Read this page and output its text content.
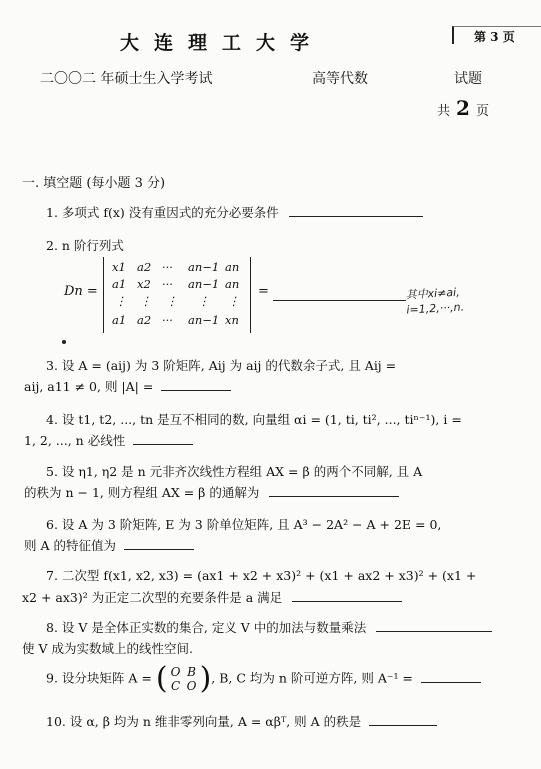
第 3 页
大连理工大学
二〇〇二 年硕士生入学考试	高等代数	试题
共 2 页
一. 填空题 (每小题 3 分)
1. 多项式 f(x) 没有重因式的充分必要条件
2. n 阶行列式
Dn =
x1 a2 ··· an−1 an
a1 x2 ··· an−1 an
⋮ ⋮ ⋮ ⋮ ⋮
a1 a2 ··· an−1 xn
=	其中xi≠ai,
i=1,2,···,n.
3. 设 A = (aij) 为 3 阶矩阵, Aij 为 aij 的代数余子式, 且 Aij =
aij, a11 ≠ 0, 则 |A| =
4. 设 t1, t2, ..., tn 是互不相同的数, 向量组 αi = (1, ti, ti², ..., tiⁿ⁻¹), i =
1, 2, ..., n 必线性
5. 设 η1, η2 是 n 元非齐次线性方程组 AX = β 的两个不同解, 且 A
的秩为 n − 1, 则方程组 AX = β 的通解为
6. 设 A 为 3 阶矩阵, E 为 3 阶单位矩阵, 且 A³ − 2A² − A + 2E = 0,
则 A 的特征值为
7. 二次型 f(x1, x2, x3) = (ax1 + x2 + x3)² + (x1 + ax2 + x3)² + (x1 +
x2 + ax3)² 为正定二次型的充要条件是 a 满足
8. 设 V 是全体正实数的集合, 定义 V 中的加法与数量乘法
使 V 成为实数域上的线性空间.
9. 设分块矩阵 A = ( O B
C O ), B, C 均为 n 阶可逆方阵, 则 A⁻¹ =
10. 设 α, β 均为 n 维非零列向量, A = αβᵀ, 则 A 的秩是
